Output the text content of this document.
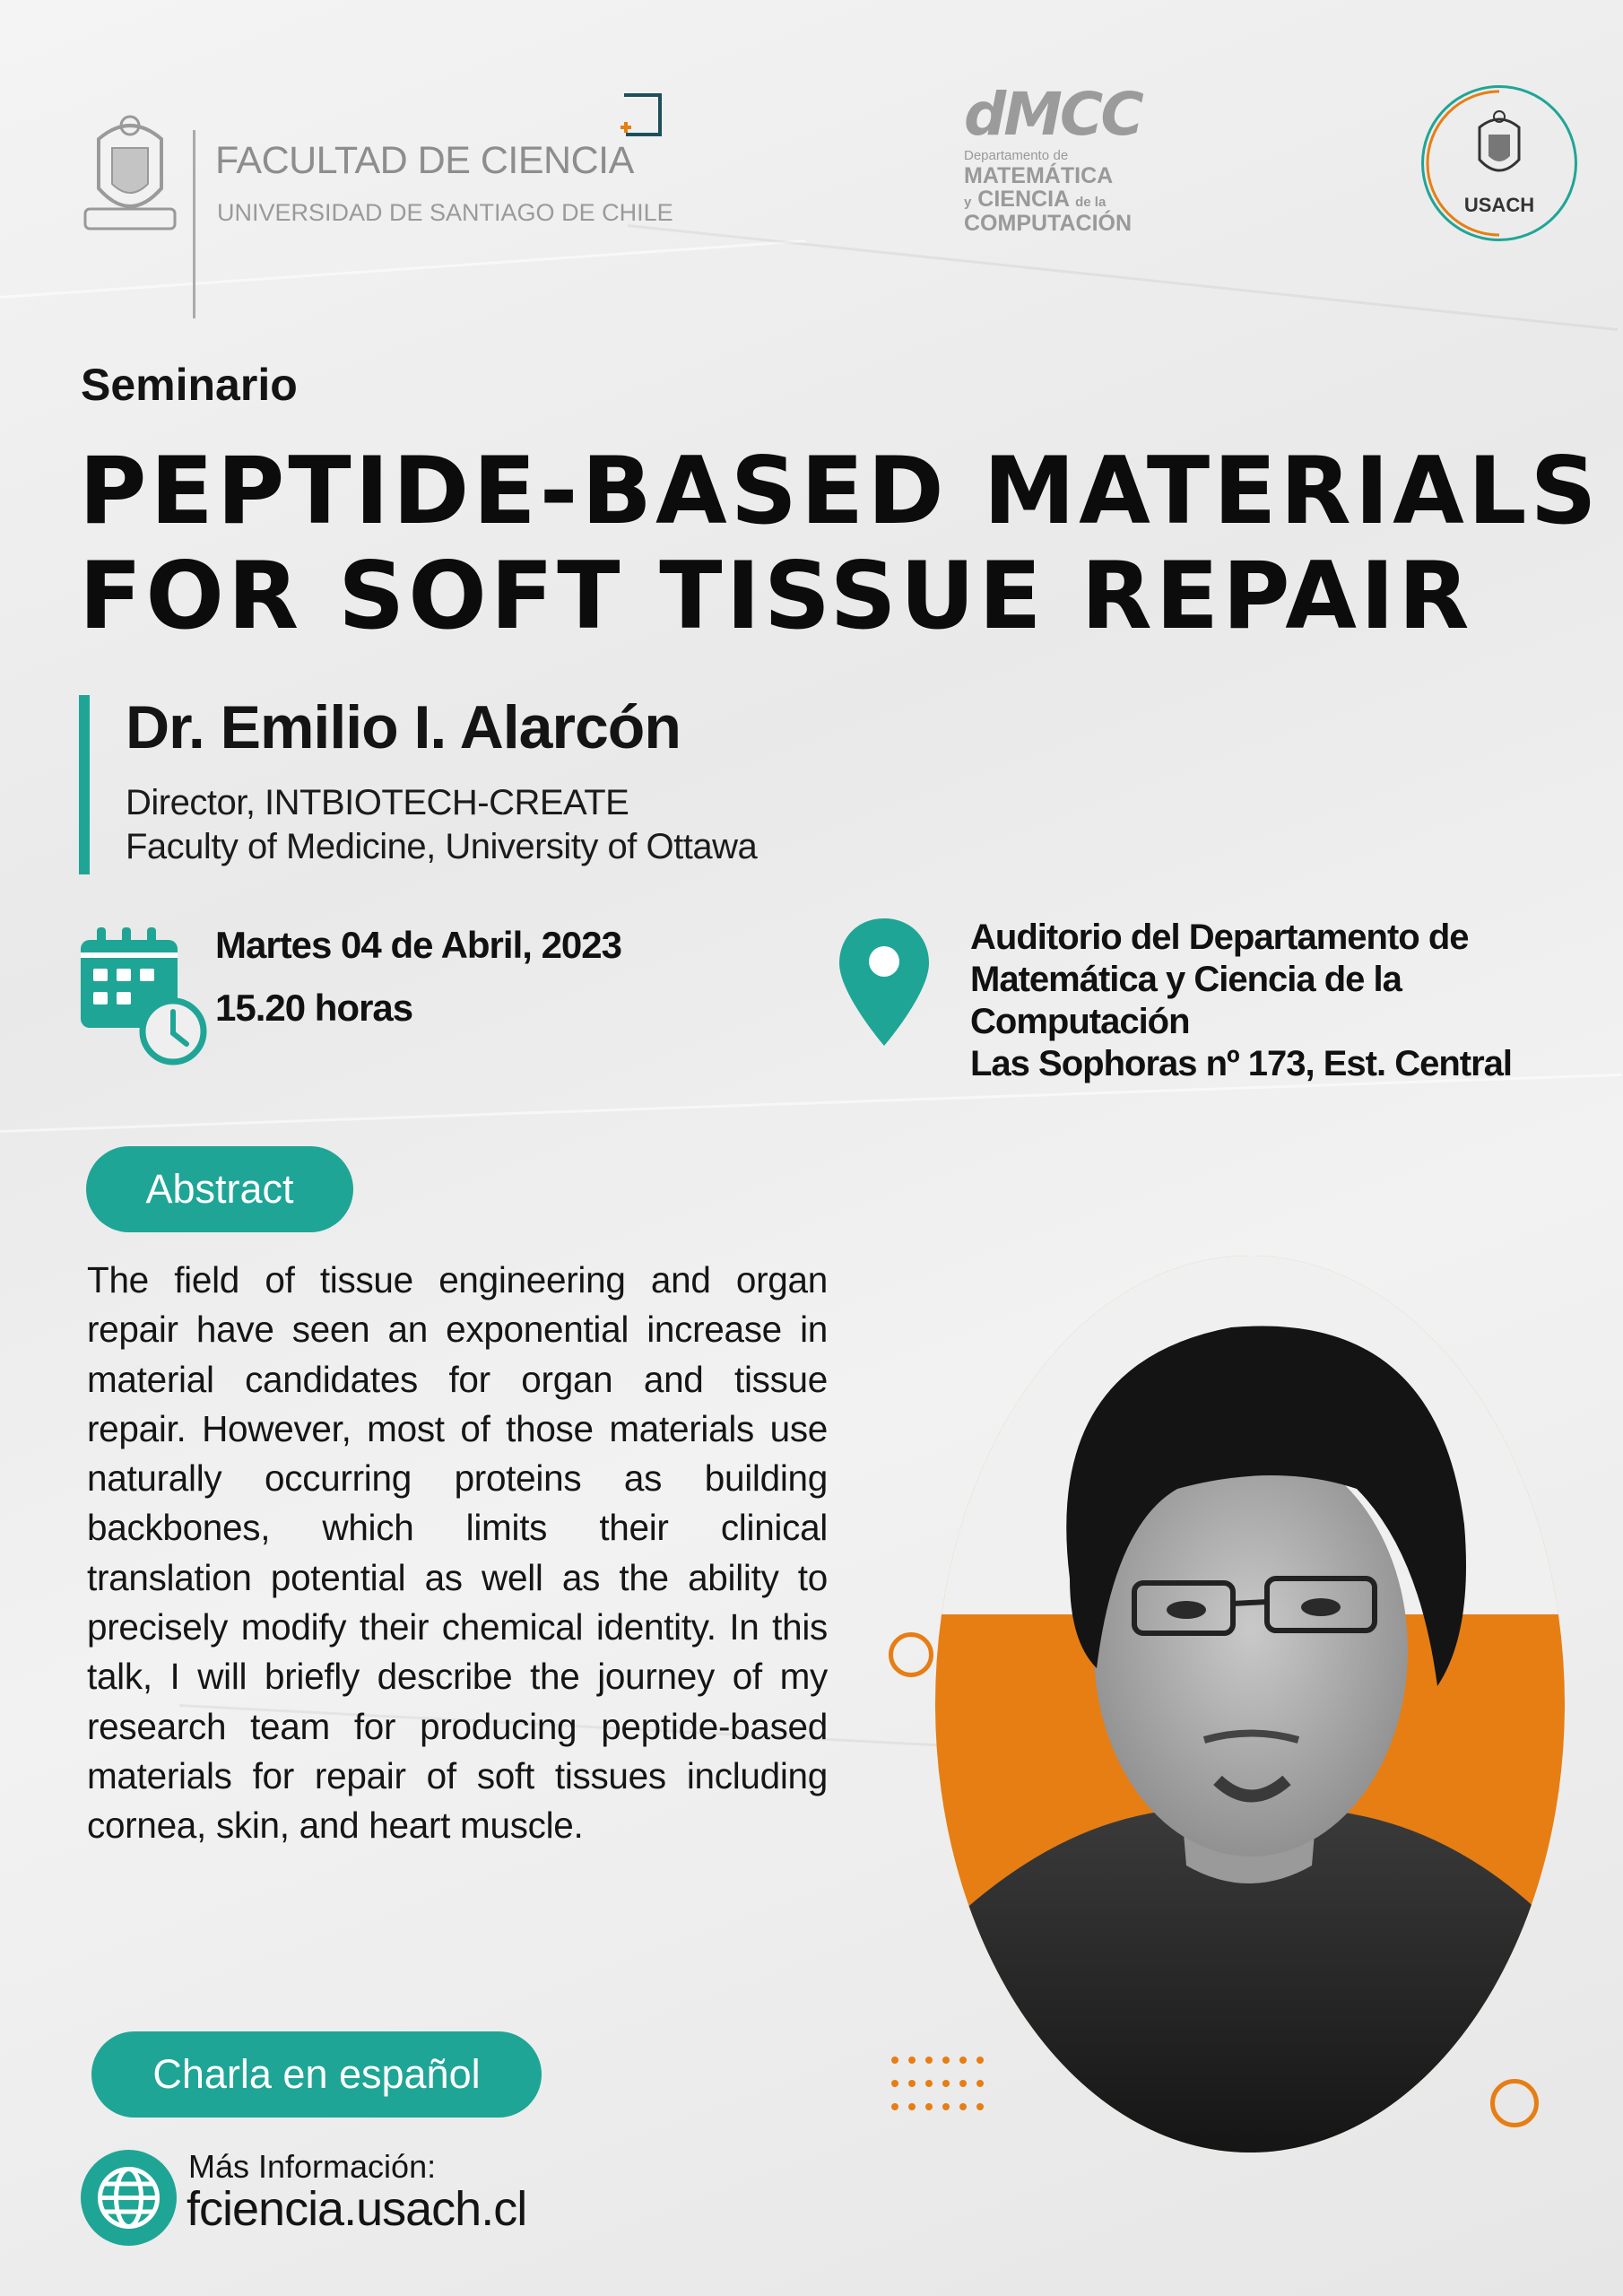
FACULTAD DE CIENCIA
UNIVERSIDAD DE SANTIAGO DE CHILE
dMCC
Departamento de
MATEMÁTICA
y CIENCIA de la
COMPUTACIÓN
USACH
Seminario
PEPTIDE-BASED MATERIALS
FOR SOFT TISSUE REPAIR
Dr. Emilio I. Alarcón
Director, INTBIOTECH-CREATE
Faculty of Medicine, University of Ottawa
Martes 04 de Abril, 2023
15.20 horas
Auditorio del Departamento de
Matemática y Ciencia de la
Computación
Las Sophoras nº 173, Est. Central
Abstract
The field of tissue engineering and organ repair have seen an exponential increase in material candidates for organ and tissue repair. However, most of those materials use naturally occurring proteins as building backbones, which limits their clinical translation potential as well as the ability to precisely modify their chemical identity. In this talk, I will briefly describe the journey of my research team for producing peptide-based materials for repair of soft tissues including cornea, skin, and heart muscle.
Charla en español
Más Información:
fciencia.usach.cl
